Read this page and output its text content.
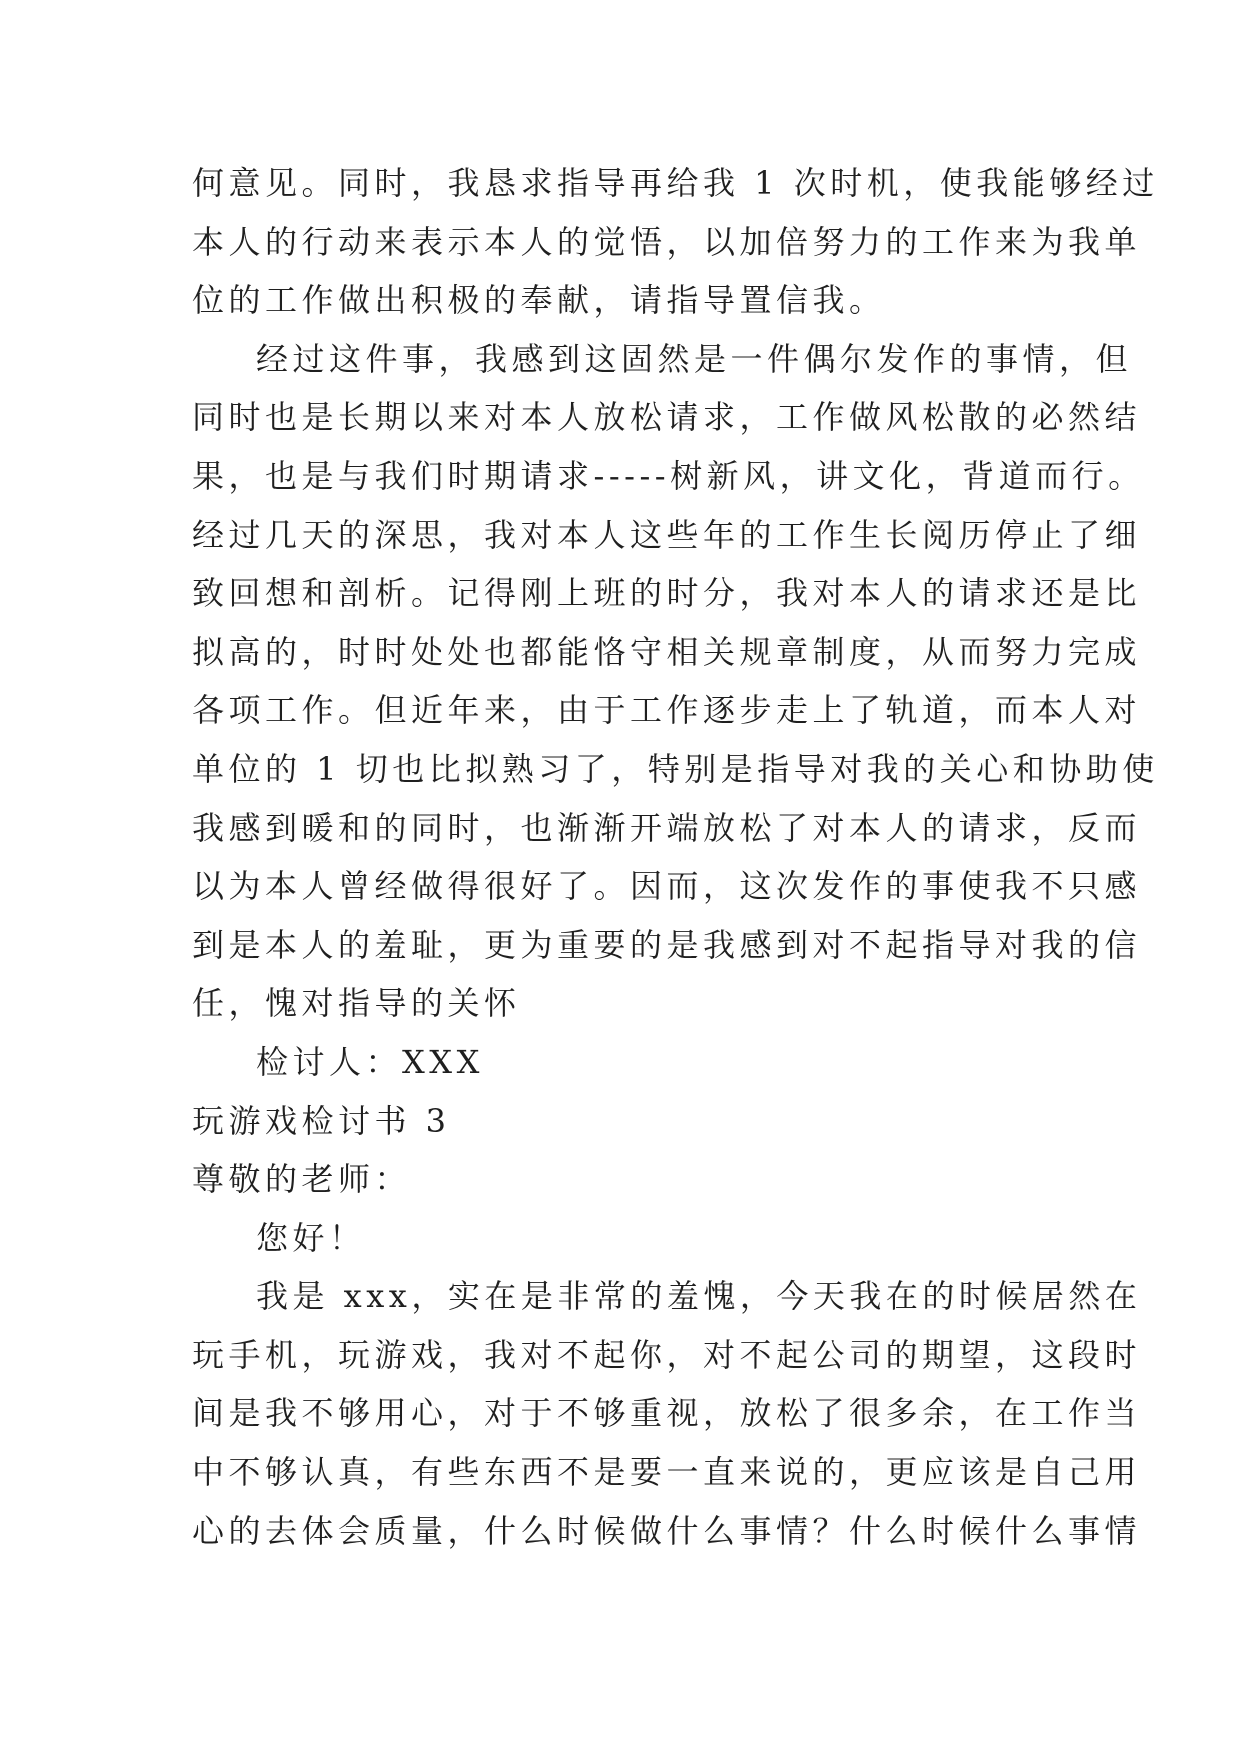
何意见。同时，我恳求指导再给我 1 次时机，使我能够经过
本人的行动来表示本人的觉悟，以加倍努力的工作来为我单
位的工作做出积极的奉献，请指导置信我。
经过这件事，我感到这固然是一件偶尔发作的事情，但
同时也是长期以来对本人放松请求，工作做风松散的必然结
果，也是与我们时期请求-----树新风，讲文化，背道而行。
经过几天的深思，我对本人这些年的工作生长阅历停止了细
致回想和剖析。记得刚上班的时分，我对本人的请求还是比
拟高的，时时处处也都能恪守相关规章制度，从而努力完成
各项工作。但近年来，由于工作逐步走上了轨道，而本人对
单位的 1 切也比拟熟习了，特别是指导对我的关心和协助使
我感到暖和的同时，也渐渐开端放松了对本人的请求，反而
以为本人曾经做得很好了。因而，这次发作的事使我不只感
到是本人的羞耻，更为重要的是我感到对不起指导对我的信
任，愧对指导的关怀
检讨人：XXX
玩游戏检讨书 3
尊敬的老师：
您好！
我是 xxx，实在是非常的羞愧，今天我在的时候居然在
玩手机，玩游戏，我对不起你，对不起公司的期望，这段时
间是我不够用心，对于不够重视，放松了很多余，在工作当
中不够认真，有些东西不是要一直来说的，更应该是自己用
心的去体会质量，什么时候做什么事情？什么时候什么事情
